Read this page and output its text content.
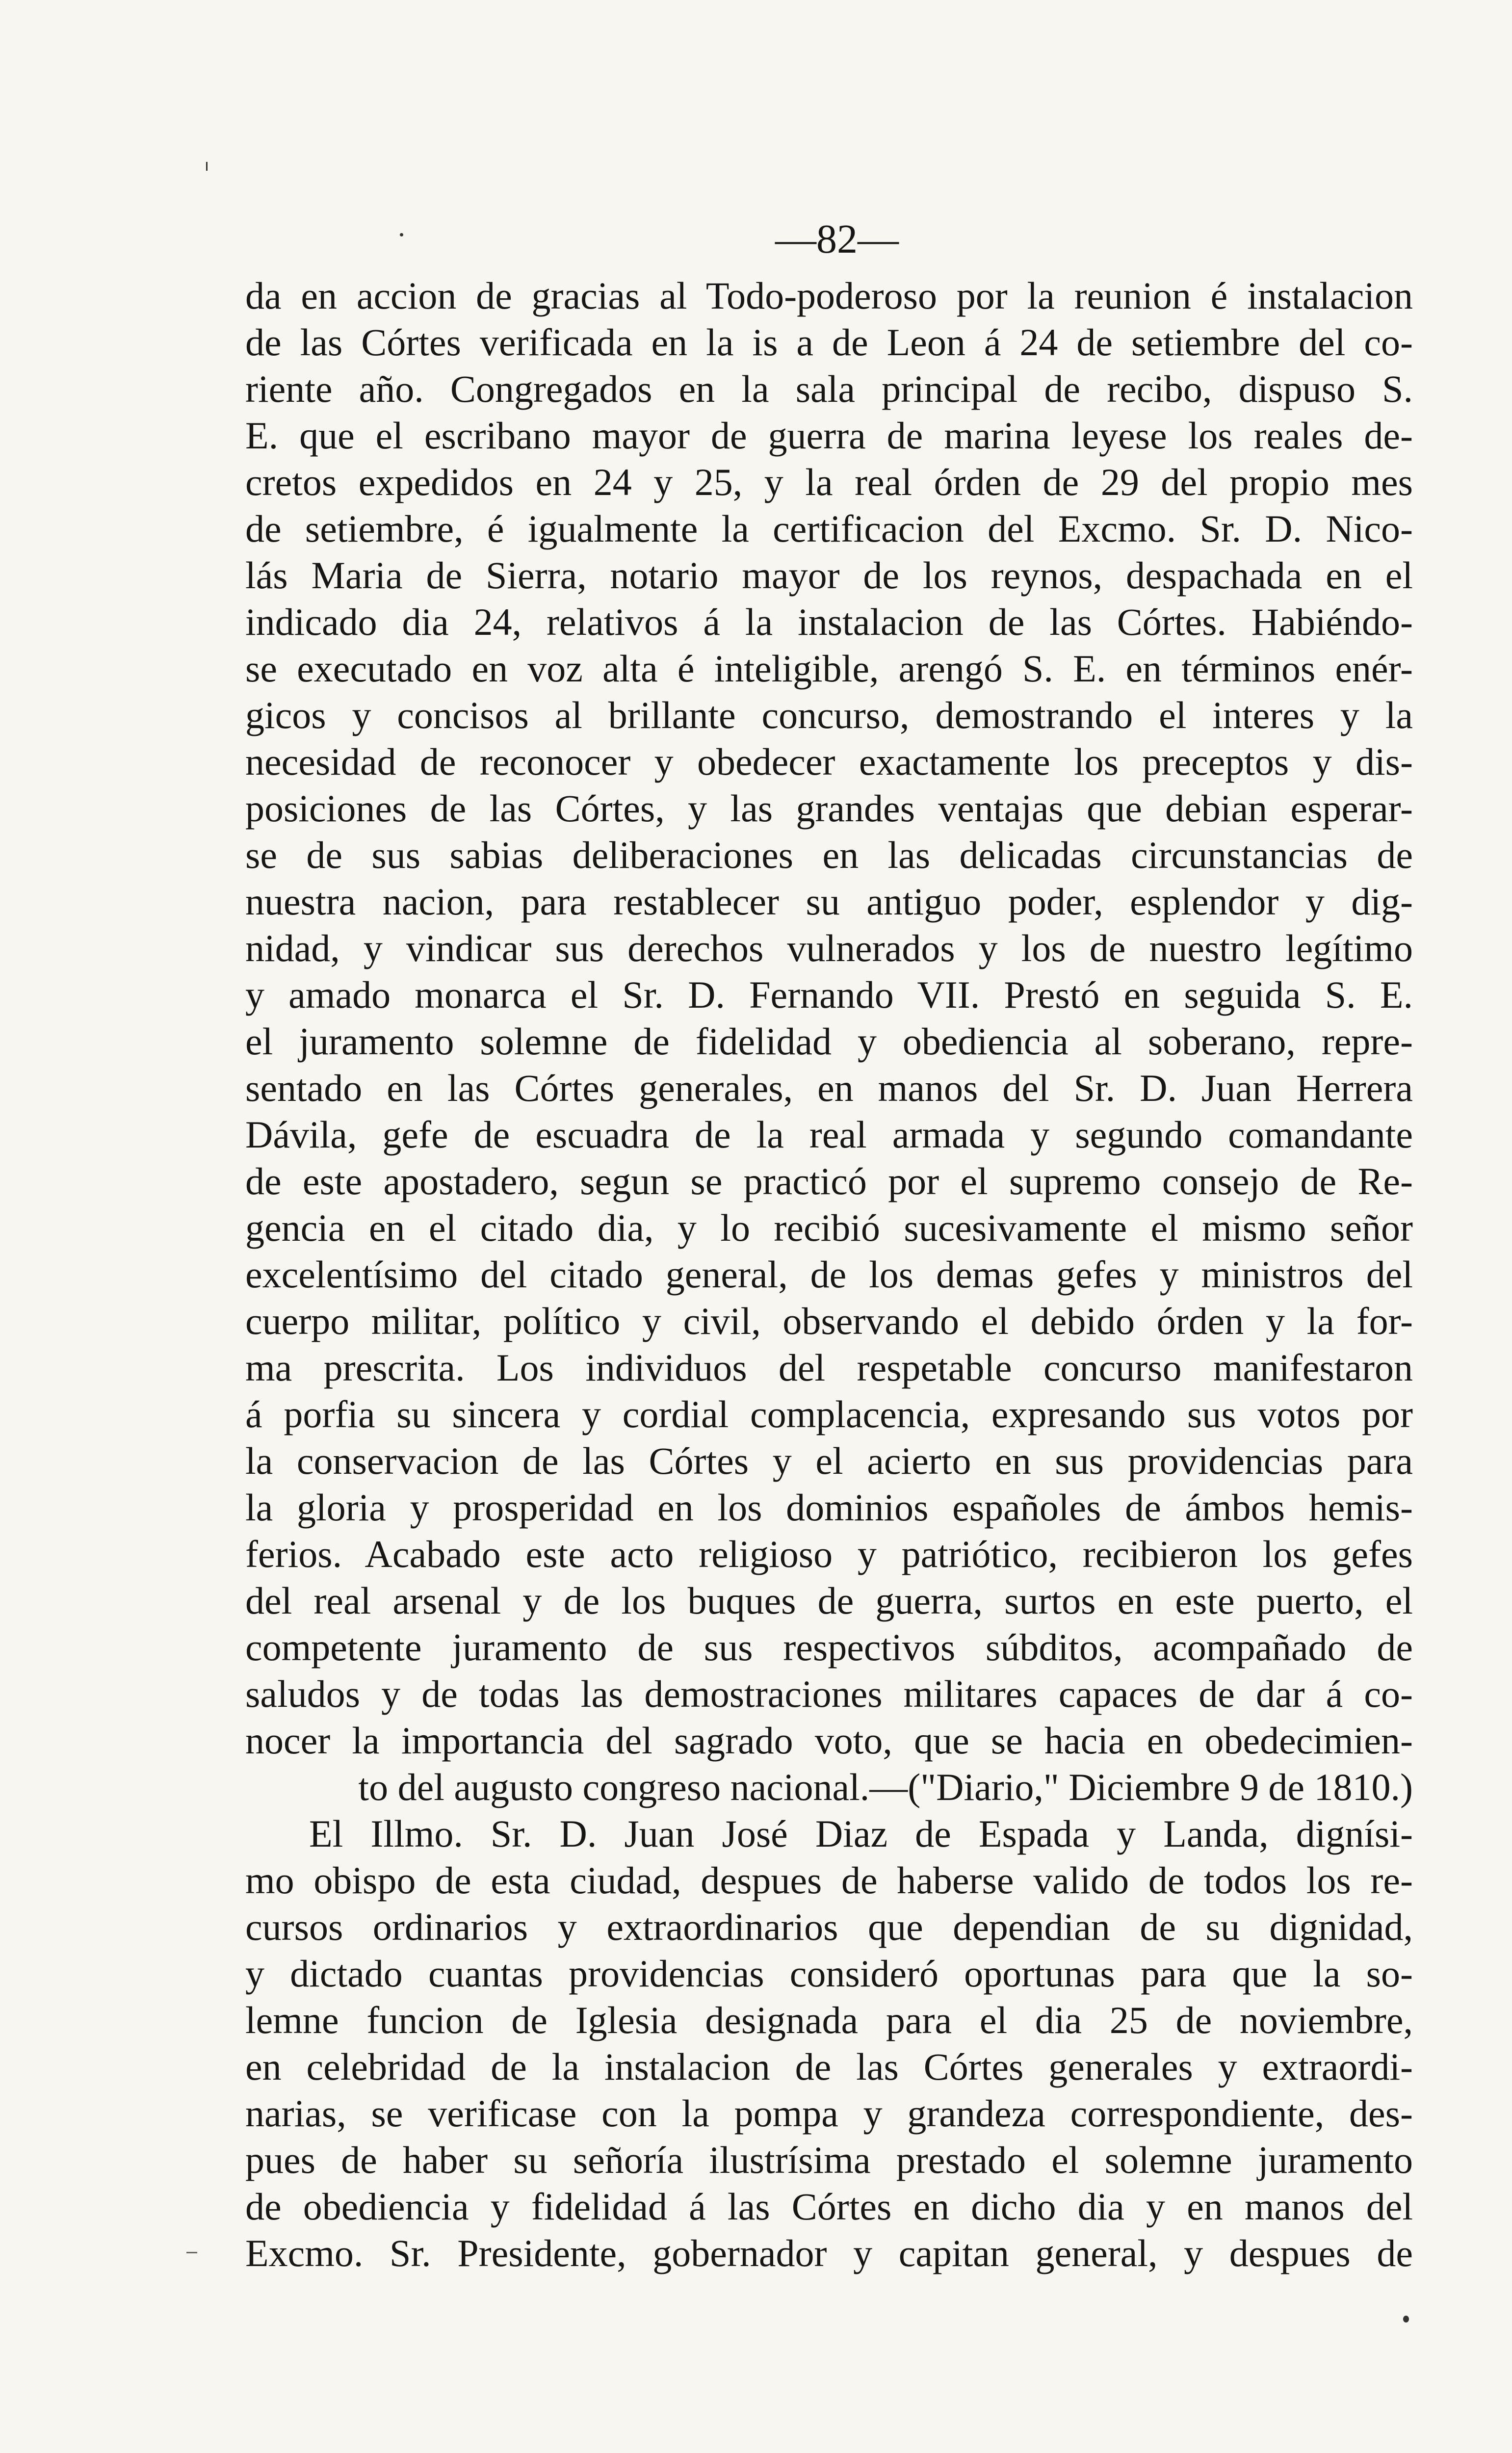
—82—
da en accion de gracias al Todo-poderoso por la reunion é instalacion
de las Córtes verificada en la is a de Leon á 24 de setiembre del co-
riente año. Congregados en la sala principal de recibo, dispuso S.
E. que el escribano mayor de guerra de marina leyese los reales de-
cretos expedidos en 24 y 25, y la real órden de 29 del propio mes
de setiembre, é igualmente la certificacion del Excmo. Sr. D. Nico-
lás Maria de Sierra, notario mayor de los reynos, despachada en el
indicado dia 24, relativos á la instalacion de las Córtes. Habiéndo-
se executado en voz alta é inteligible, arengó S. E. en términos enér-
gicos y concisos al brillante concurso, demostrando el interes y la
necesidad de reconocer y obedecer exactamente los preceptos y dis-
posiciones de las Córtes, y las grandes ventajas que debian esperar-
se de sus sabias deliberaciones en las delicadas circunstancias de
nuestra nacion, para restablecer su antiguo poder, esplendor y dig-
nidad, y vindicar sus derechos vulnerados y los de nuestro legítimo
y amado monarca el Sr. D. Fernando VII. Prestó en seguida S. E.
el juramento solemne de fidelidad y obediencia al soberano, repre-
sentado en las Córtes generales, en manos del Sr. D. Juan Herrera
Dávila, gefe de escuadra de la real armada y segundo comandante
de este apostadero, segun se practicó por el supremo consejo de Re-
gencia en el citado dia, y lo recibió sucesivamente el mismo señor
excelentísimo del citado general, de los demas gefes y ministros del
cuerpo militar, político y civil, observando el debido órden y la for-
ma prescrita. Los individuos del respetable concurso manifestaron
á porfia su sincera y cordial complacencia, expresando sus votos por
la conservacion de las Córtes y el acierto en sus providencias para
la gloria y prosperidad en los dominios españoles de ámbos hemis-
ferios. Acabado este acto religioso y patriótico, recibieron los gefes
del real arsenal y de los buques de guerra, surtos en este puerto, el
competente juramento de sus respectivos súbditos, acompañado de
saludos y de todas las demostraciones militares capaces de dar á co-
nocer la importancia del sagrado voto, que se hacia en obedecimien-
to del augusto congreso nacional.—("Diario," Diciembre 9 de 1810.)
El Illmo. Sr. D. Juan José Diaz de Espada y Landa, dignísi-
mo obispo de esta ciudad, despues de haberse valido de todos los re-
cursos ordinarios y extraordinarios que dependian de su dignidad,
y dictado cuantas providencias consideró oportunas para que la so-
lemne funcion de Iglesia designada para el dia 25 de noviembre,
en celebridad de la instalacion de las Córtes generales y extraordi-
narias, se verificase con la pompa y grandeza correspondiente, des-
pues de haber su señoría ilustrísima prestado el solemne juramento
de obediencia y fidelidad á las Córtes en dicho dia y en manos del
Excmo. Sr. Presidente, gobernador y capitan general, y despues de
